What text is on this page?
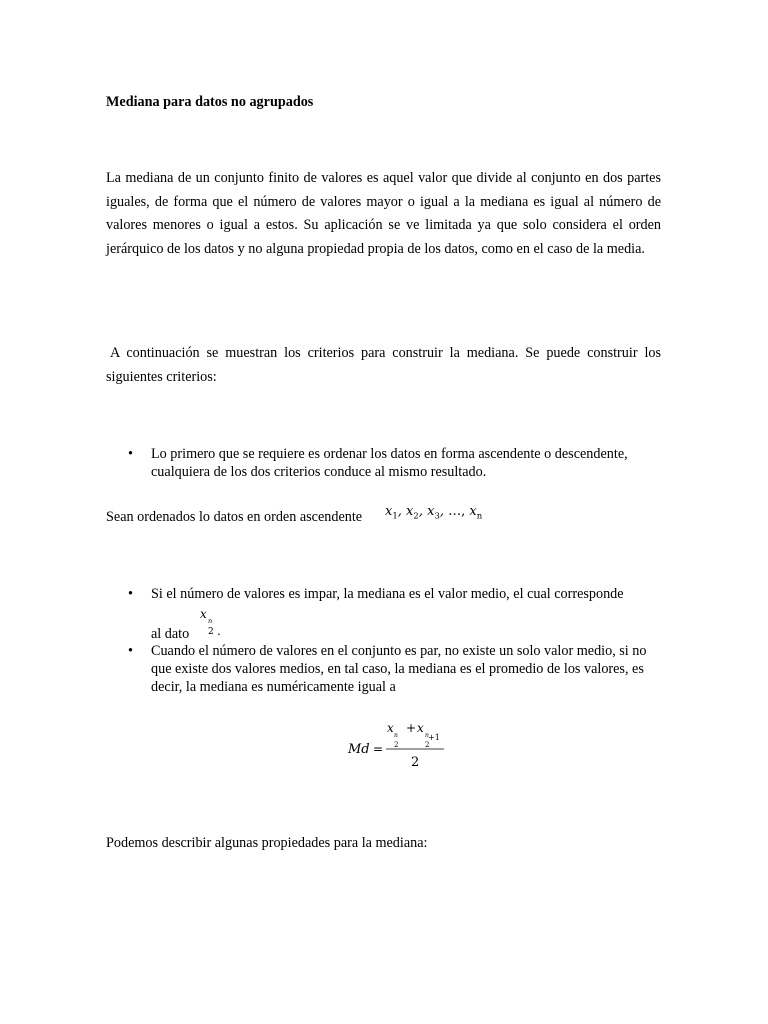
Mediana para datos no agrupados

La mediana de un conjunto finito de valores es aquel valor que divide al conjunto en dos partes iguales, de forma que el número de valores mayor o igual a la mediana es igual al número de valores menores o igual a estos. Su aplicación se ve limitada ya que solo considera el orden jerárquico de los datos y no alguna propiedad propia de los datos, como en el caso de la media.

A continuación se muestran los criterios para construir la mediana. Se puede construir los siguientes criterios:

•	Lo primero que se requiere es ordenar los datos en forma ascendente o descendente, cualquiera de los dos criterios conduce al mismo resultado.
Sean ordenados lo datos en orden ascendente $x_1$, $x_2$, $x_3$, …, $x_n$
•	Si el número de valores es impar, la mediana es el valor medio, el cual corresponde
al dato
x n
2 .
•	Cuando el número de valores en el conjunto es par, no existe un solo valor medio, si no que existe dos valores medios, en tal caso, la mediana es el promedio de los valores, es decir, la mediana es numéricamente igual a
Md =
x
n
2
+ x
n
2
+1
2
Podemos describir algunas propiedades para la mediana:
